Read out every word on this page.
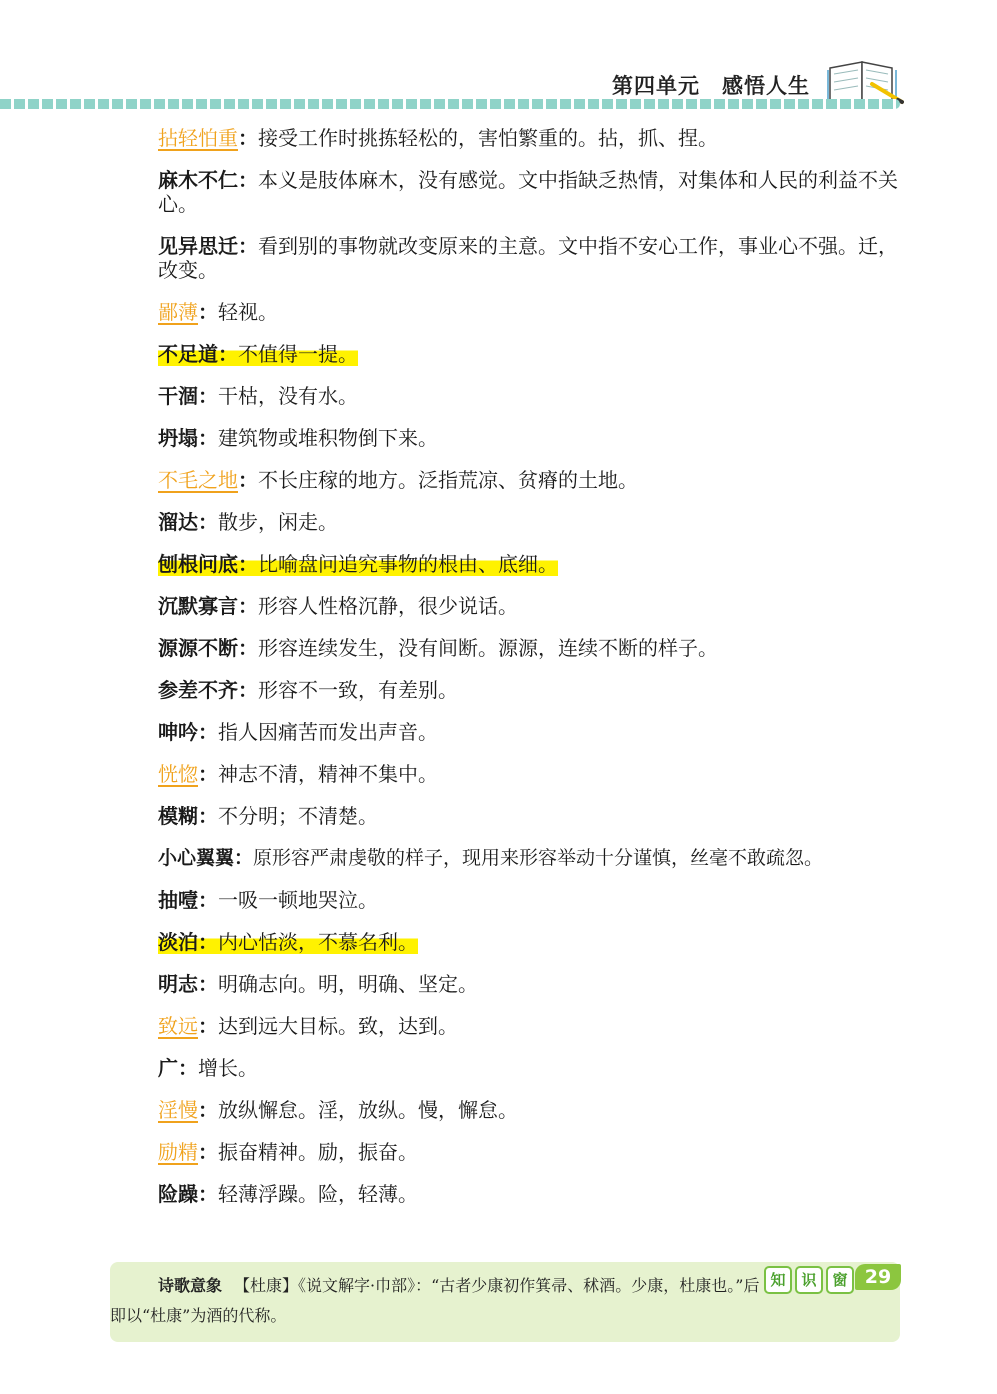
第四单元 感悟人生
拈轻怕重：接受工作时挑拣轻松的，害怕繁重的。拈，抓、捏。
麻木不仁：本义是肢体麻木，没有感觉。文中指缺乏热情，对集体和人民的利益不关心。
见异思迁：看到别的事物就改变原来的主意。文中指不安心工作，事业心不强。迁，改变。
鄙薄：轻视。
不足道：不值得一提。
干涸：干枯，没有水。
坍塌：建筑物或堆积物倒下来。
不毛之地：不长庄稼的地方。泛指荒凉、贫瘠的土地。
溜达：散步，闲走。
刨根问底：比喻盘问追究事物的根由、底细。
沉默寡言：形容人性格沉静，很少说话。
源源不断：形容连续发生，没有间断。源源，连续不断的样子。
参差不齐：形容不一致，有差别。
呻吟：指人因痛苦而发出声音。
恍惚：神志不清，精神不集中。
模糊：不分明；不清楚。
小心翼翼：原形容严肃虔敬的样子，现用来形容举动十分谨慎，丝毫不敢疏忽。
抽噎：一吸一顿地哭泣。
淡泊：内心恬淡，不慕名利。
明志：明确志向。明，明确、坚定。
致远：达到远大目标。致，达到。
广：增长。
淫慢：放纵懈怠。淫，放纵。慢，懈怠。
励精：振奋精神。励，振奋。
险躁：轻薄浮躁。险，轻薄。
诗歌意象 【杜康】《说文解字·巾部》：“古者少康初作箕帚、秫酒。少康，杜康也。”后即以“杜康”为酒的代称。
知	识	窗 29
